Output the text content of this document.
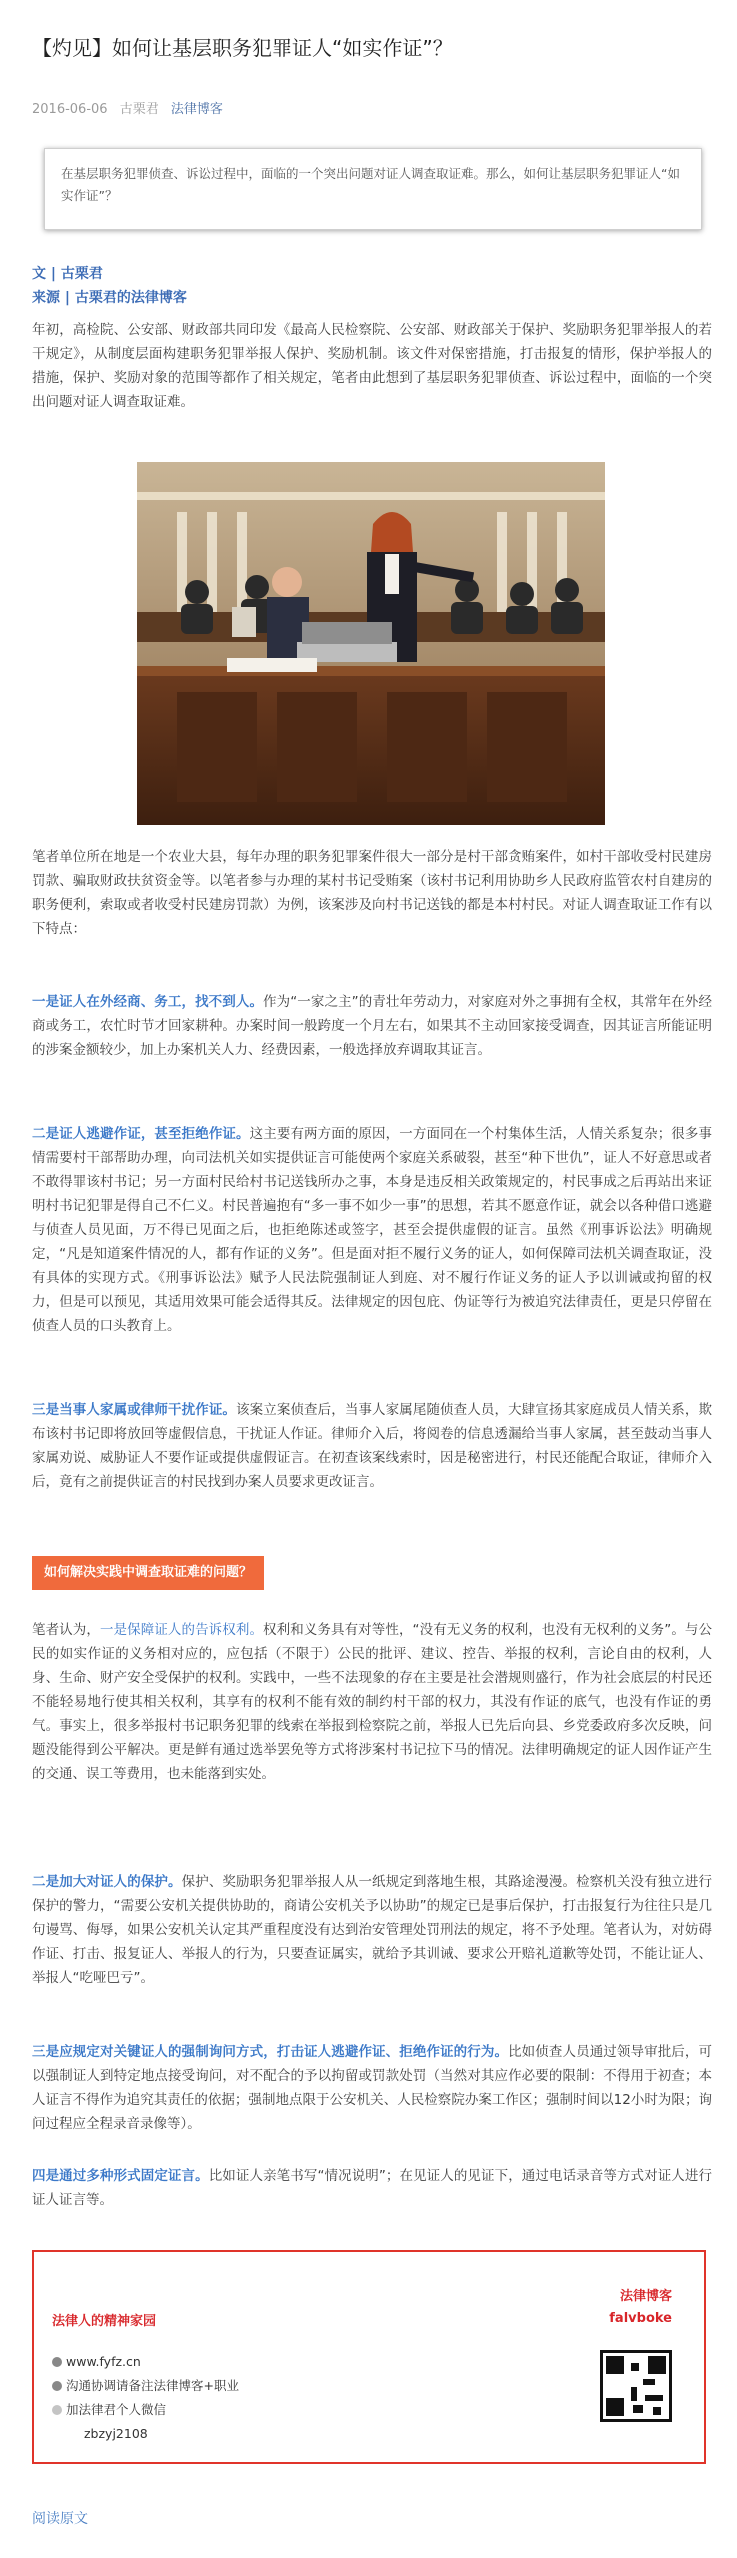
【灼见】如何让基层职务犯罪证人“如实作证”？
2016-06-06 古栗君 法律博客
在基层职务犯罪侦查、诉讼过程中，面临的一个突出问题对证人调查取证难。那么，如何让基层职务犯罪证人“如实作证”？
文 | 古栗君
来源 | 古栗君的法律博客

年初，高检院、公安部、财政部共同印发《最高人民检察院、公安部、财政部关于保护、奖励职务犯罪举报人的若干规定》，从制度层面构建职务犯罪举报人保护、奖励机制。该文件对保密措施，打击报复的情形，保护举报人的措施，保护、奖励对象的范围等都作了相关规定，笔者由此想到了基层职务犯罪侦查、诉讼过程中，面临的一个突出问题对证人调查取证难。

笔者单位所在地是一个农业大县，每年办理的职务犯罪案件很大一部分是村干部贪贿案件，如村干部收受村民建房罚款、骗取财政扶贫资金等。以笔者参与办理的某村书记受贿案（该村书记利用协助乡人民政府监管农村自建房的职务便利，索取或者收受村民建房罚款）为例，该案涉及向村书记送钱的都是本村村民。对证人调查取证工作有以下特点：

一是证人在外经商、务工，找不到人。作为“一家之主”的青壮年劳动力，对家庭对外之事拥有全权，其常年在外经商或务工，农忙时节才回家耕种。办案时间一般跨度一个月左右，如果其不主动回家接受调查，因其证言所能证明的涉案金额较少，加上办案机关人力、经费因素，一般选择放弃调取其证言。

二是证人逃避作证，甚至拒绝作证。这主要有两方面的原因，一方面同在一个村集体生活，人情关系复杂；很多事情需要村干部帮助办理，向司法机关如实提供证言可能使两个家庭关系破裂，甚至“种下世仇”，证人不好意思或者不敢得罪该村书记；另一方面村民给村书记送钱所办之事，本身是违反相关政策规定的，村民事成之后再站出来证明村书记犯罪是得自己不仁义。村民普遍抱有“多一事不如少一事”的思想，若其不愿意作证，就会以各种借口逃避与侦查人员见面，万不得已见面之后，也拒绝陈述或签字，甚至会提供虚假的证言。虽然《刑事诉讼法》明确规定，“凡是知道案件情况的人，都有作证的义务”。但是面对拒不履行义务的证人，如何保障司法机关调查取证，没有具体的实现方式。《刑事诉讼法》赋予人民法院强制证人到庭、对不履行作证义务的证人予以训诫或拘留的权力，但是可以预见，其适用效果可能会适得其反。法律规定的因包庇、伪证等行为被追究法律责任，更是只停留在侦查人员的口头教育上。

三是当事人家属或律师干扰作证。该案立案侦查后，当事人家属尾随侦查人员，大肆宣扬其家庭成员人情关系，欺布该村书记即将放回等虚假信息，干扰证人作证。律师介入后，将阅卷的信息透漏给当事人家属，甚至鼓动当事人家属劝说、威胁证人不要作证或提供虚假证言。在初查该案线索时，因是秘密进行，村民还能配合取证，律师介入后，竟有之前提供证言的村民找到办案人员要求更改证言。

如何解决实践中调查取证难的问题？

笔者认为，一是保障证人的告诉权利。权利和义务具有对等性，“没有无义务的权利，也没有无权利的义务”。与公民的如实作证的义务相对应的，应包括（不限于）公民的批评、建议、控告、举报的权利，言论自由的权利，人身、生命、财产安全受保护的权利。实践中，一些不法现象的存在主要是社会潜规则盛行，作为社会底层的村民还不能轻易地行使其相关权利，其享有的权利不能有效的制约村干部的权力，其没有作证的底气，也没有作证的勇气。事实上，很多举报村书记职务犯罪的线索在举报到检察院之前，举报人已先后向县、乡党委政府多次反映，问题没能得到公平解决。更是鲜有通过选举罢免等方式将涉案村书记拉下马的情况。法律明确规定的证人因作证产生的交通、误工等费用，也未能落到实处。

二是加大对证人的保护。保护、奖励职务犯罪举报人从一纸规定到落地生根，其路途漫漫。检察机关没有独立进行保护的警力，“需要公安机关提供协助的，商请公安机关予以协助”的规定已是事后保护，打击报复行为往往只是几句谩骂、侮辱，如果公安机关认定其严重程度没有达到治安管理处罚刑法的规定，将不予处理。笔者认为，对妨碍作证、打击、报复证人、举报人的行为，只要查证属实，就给予其训诫、要求公开赔礼道歉等处罚，不能让证人、举报人“吃哑巴亏”。

三是应规定对关键证人的强制询问方式，打击证人逃避作证、拒绝作证的行为。比如侦查人员通过领导审批后，可以强制证人到特定地点接受询问，对不配合的予以拘留或罚款处罚（当然对其应作必要的限制：不得用于初查；本人证言不得作为追究其责任的依据；强制地点限于公安机关、人民检察院办案工作区；强制时间以12小时为限；询问过程应全程录音录像等）。

四是通过多种形式固定证言。比如证人亲笔书写“情况说明”；在见证人的见证下，通过电话录音等方式对证人进行证人证言等。

法律人的精神家园
法律博客
falvboke
www.fyfz.cn
沟通协调请备注法律博客+职业
加法律君个人微信
zbzyj2108
阅读原文
